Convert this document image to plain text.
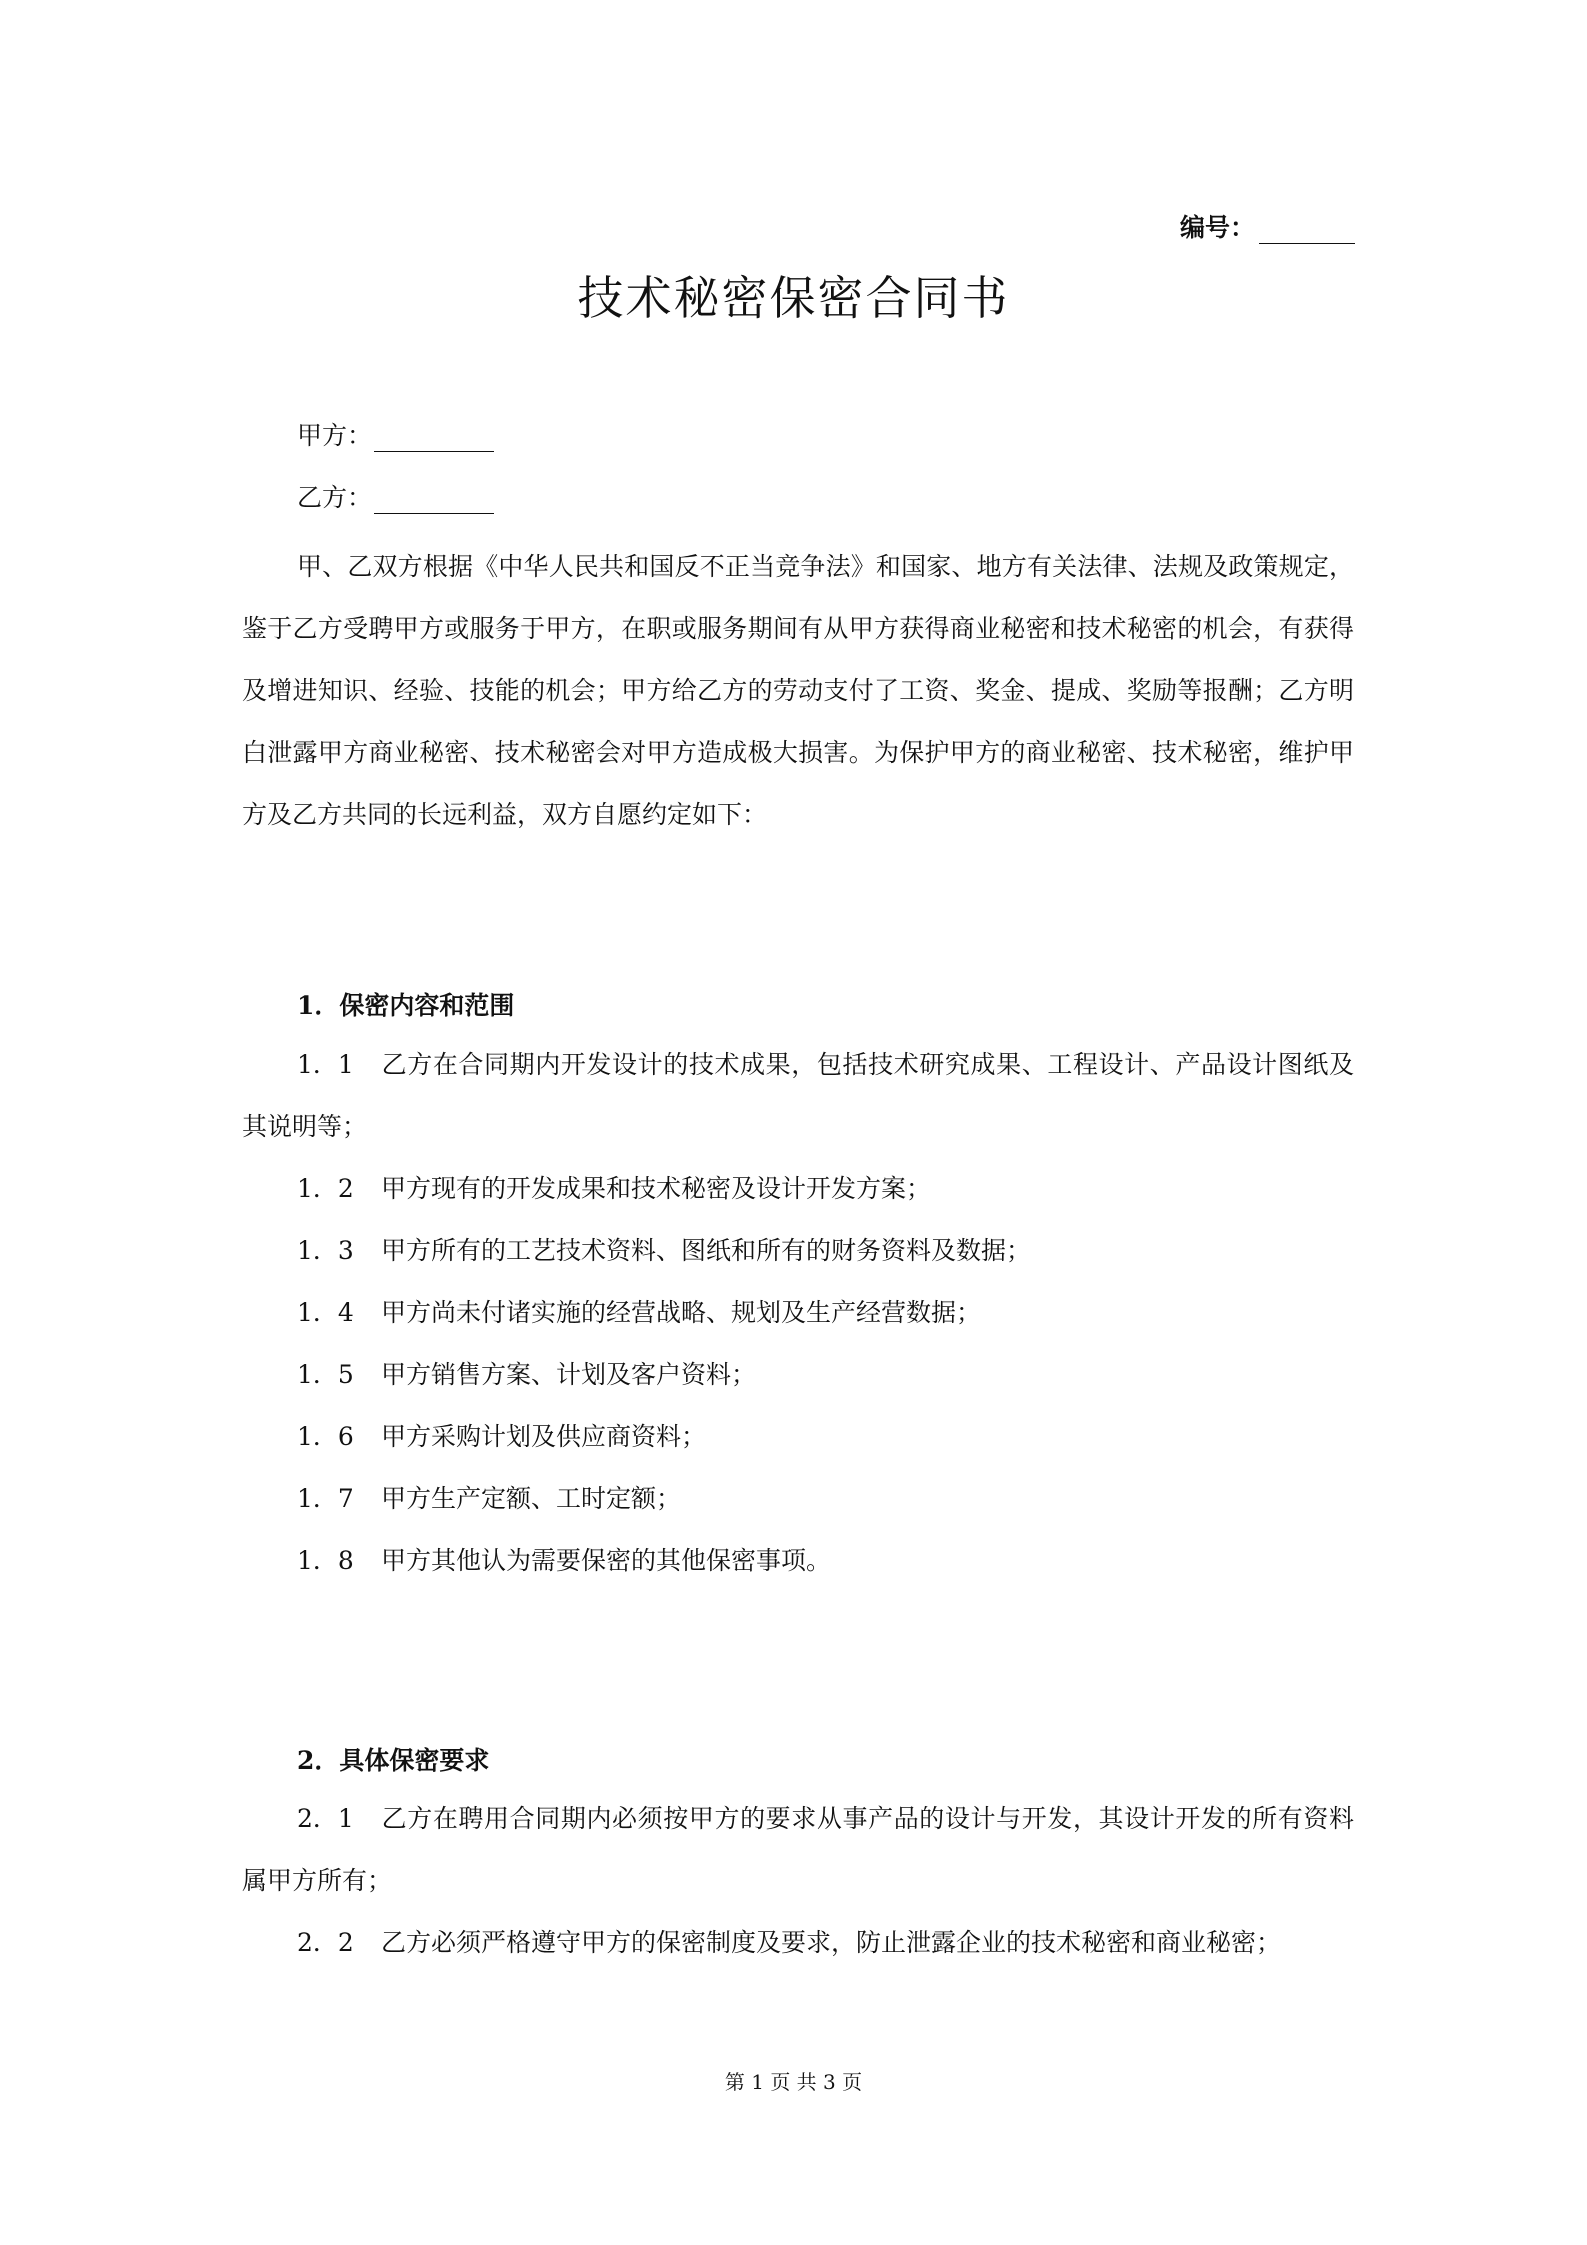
编号：
技术秘密保密合同书
甲方：
乙方：

甲、乙双方根据《中华人民共和国反不正当竞争法》和国家、地方有关法律、法规及政策规定，鉴于乙方受聘甲方或服务于甲方，在职或服务期间有从甲方获得商业秘密和技术秘密的机会，有获得及增进知识、经验、技能的机会；甲方给乙方的劳动支付了工资、奖金、提成、奖励等报酬；乙方明白泄露甲方商业秘密、技术秘密会对甲方造成极大损害。为保护甲方的商业秘密、技术秘密，维护甲方及乙方共同的长远利益，双方自愿约定如下：

1．保密内容和范围

1．1 乙方在合同期内开发设计的技术成果，包括技术研究成果、工程设计、产品设计图纸及其说明等；

1．2 甲方现有的开发成果和技术秘密及设计开发方案；

1．3 甲方所有的工艺技术资料、图纸和所有的财务资料及数据；

1．4 甲方尚未付诸实施的经营战略、规划及生产经营数据；

1．5 甲方销售方案、计划及客户资料；

1．6 甲方采购计划及供应商资料；

1．7 甲方生产定额、工时定额；

1．8 甲方其他认为需要保密的其他保密事项。

2．具体保密要求

2．1 乙方在聘用合同期内必须按甲方的要求从事产品的设计与开发，其设计开发的所有资料属甲方所有；

2．2 乙方必须严格遵守甲方的保密制度及要求，防止泄露企业的技术秘密和商业秘密；

第 1 页 共 3 页
